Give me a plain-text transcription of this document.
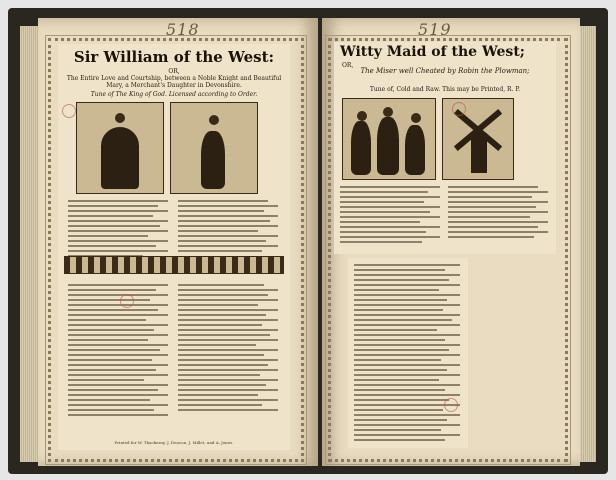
518
Sir William of the West:
OR,
The Entire Love and Courtship, between a Noble Knight and Beautiful Mary, a Merchant's Daughter in Devonshire.
Tune of The King of God. Licensed according to Order.
Printed for W. Thackeray, J. Deacon, J. Millet, and A. Jones.
519
Witty Maid of the West;
OR,
The Miser well Cheated by Robin the Plowman;
Tune of, Cold and Raw. This may be Printed, R. P.
